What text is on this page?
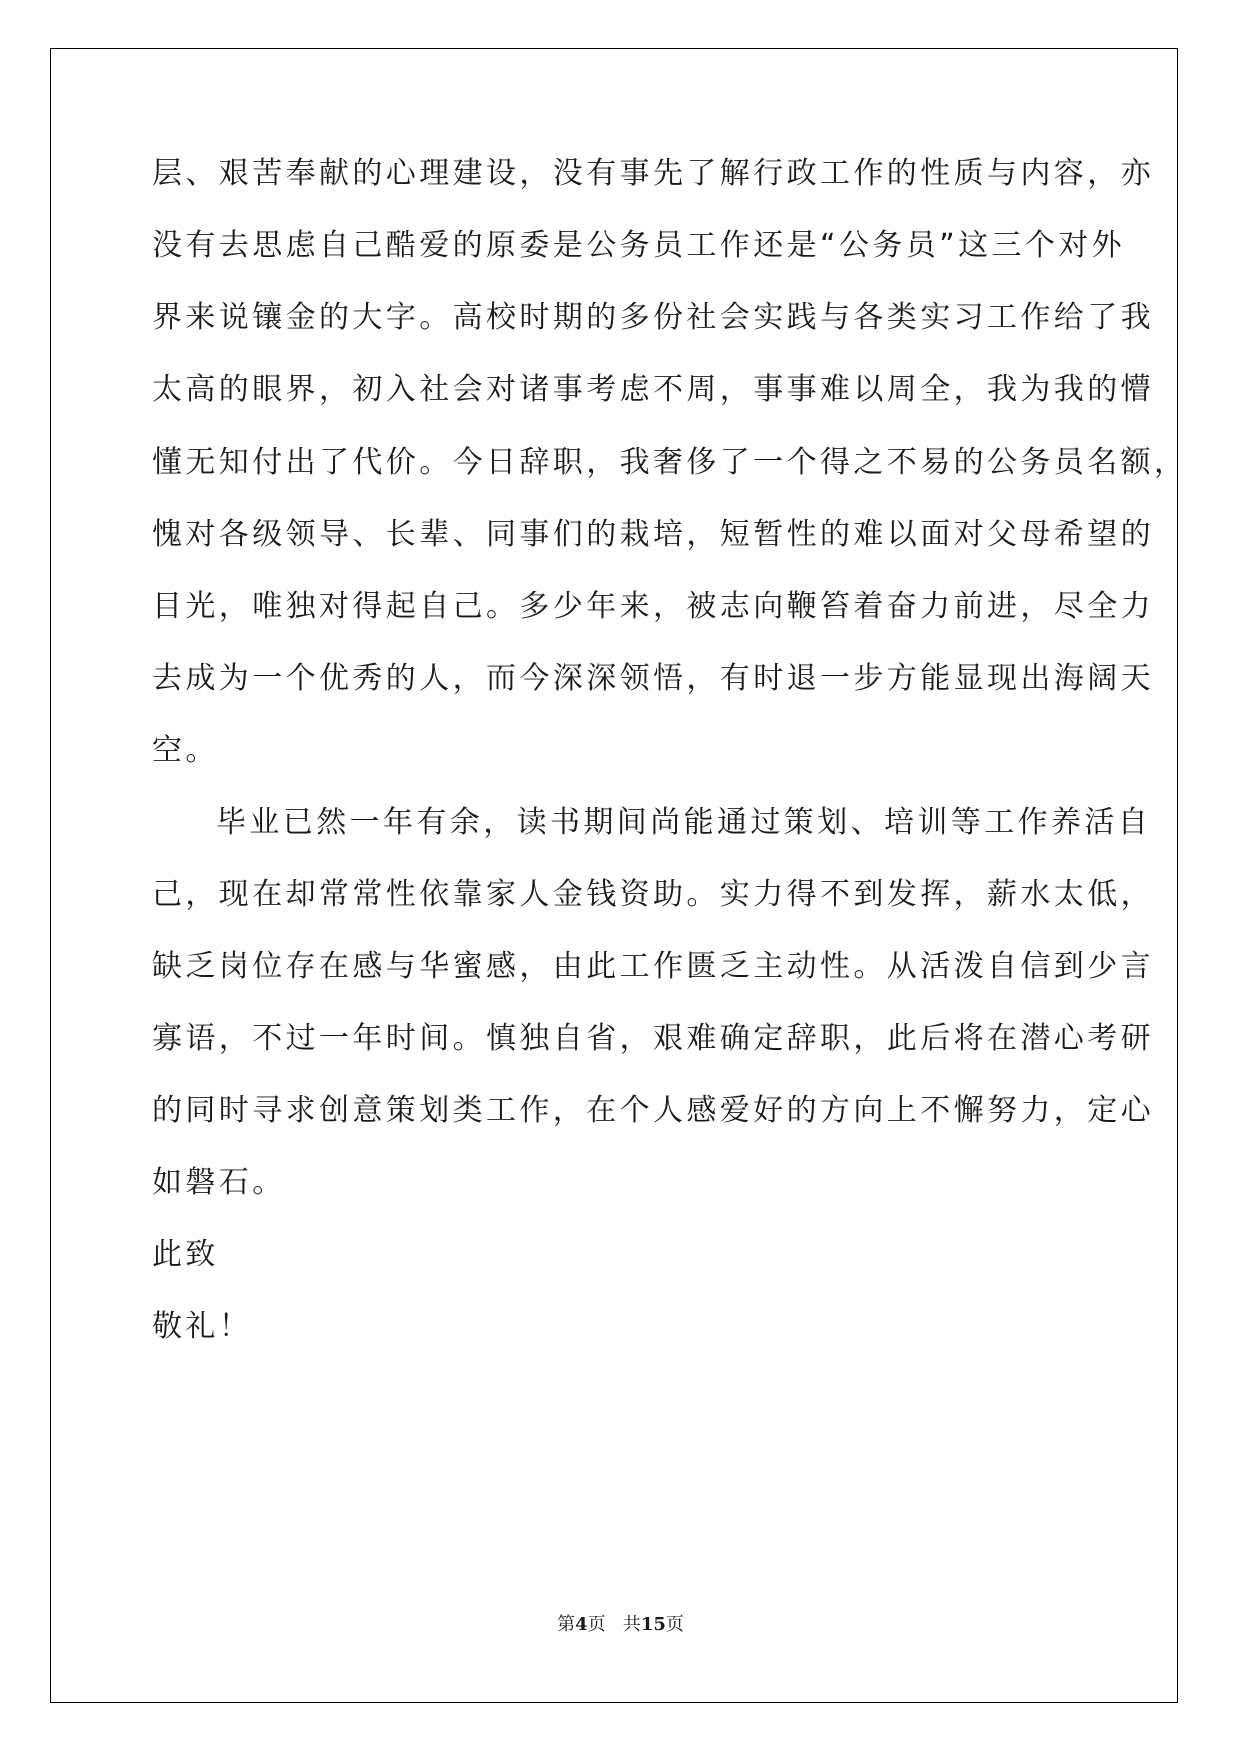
层、艰苦奉献的心理建设，没有事先了解行政工作的性质与内容，亦
没有去思虑自己酷爱的原委是公务员工作还是“公务员”这三个对外
界来说镶金的大字。高校时期的多份社会实践与各类实习工作给了我
太高的眼界，初入社会对诸事考虑不周，事事难以周全，我为我的懵
懂无知付出了代价。今日辞职，我奢侈了一个得之不易的公务员名额，
愧对各级领导、长辈、同事们的栽培，短暂性的难以面对父母希望的
目光，唯独对得起自己。多少年来，被志向鞭笞着奋力前进，尽全力
去成为一个优秀的人，而今深深领悟，有时退一步方能显现出海阔天
空。
毕业已然一年有余，读书期间尚能通过策划、培训等工作养活自
己，现在却常常性依靠家人金钱资助。实力得不到发挥，薪水太低，
缺乏岗位存在感与华蜜感，由此工作匮乏主动性。从活泼自信到少言
寡语，不过一年时间。慎独自省，艰难确定辞职，此后将在潜心考研
的同时寻求创意策划类工作，在个人感爱好的方向上不懈努力，定心
如磐石。
此致
敬礼！
第4页 共15页
